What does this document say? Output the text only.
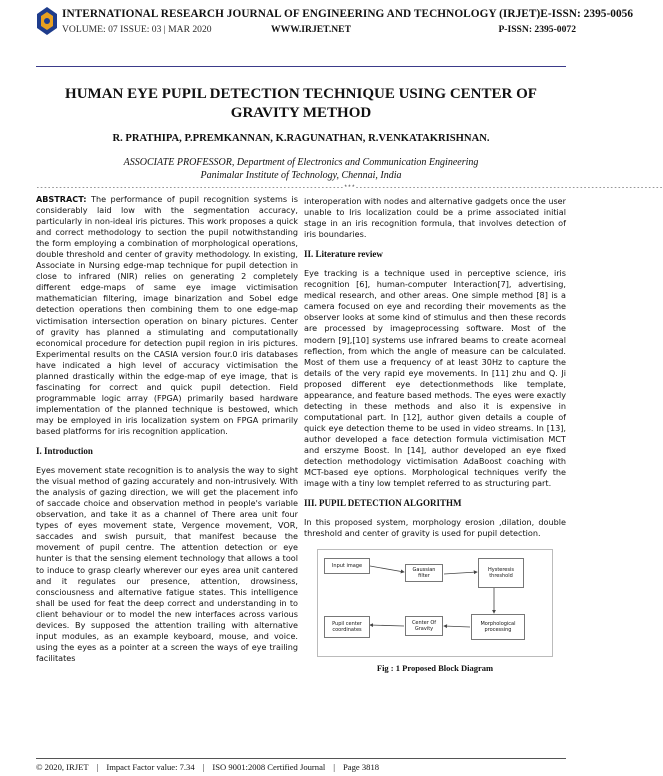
INTERNATIONAL RESEARCH JOURNAL OF ENGINEERING AND TECHNOLOGY (IRJET)E-ISSN: 2395-0056
VOLUME: 07 ISSUE: 03 | MAR 2020	WWW.IRJET.NET	P-ISSN: 2395-0072
HUMAN EYE PUPIL DETECTION TECHNIQUE USING CENTER OF GRAVITY METHOD
R. PRATHIPA, P.PREMKANNAN, K.RAGUNATHAN, R.VENKATAKRISHNAN.
ASSOCIATE PROFESSOR, Department of Electronics and Communication Engineering
Panimalar Institute of Technology, Chennai, India
---------------------------------------------------------------------------------***---------------------------------------------------------------------------------

ABSTRACT: The performance of pupil recognition systems is considerably laid low with the segmentation accuracy, particularly in non-ideal iris pictures. This work proposes a quick and correct methodology to section the pupil notwithstanding the form employing a combination of morphological operations, double threshold and center of gravity methodology. In existing, Associate in Nursing edge-map technique for pupil detection in close to infrared (NIR) relies on generating 2 completely different edge-maps of same eye image victimisation mathematician filtering, image binarization and Sobel edge detection operations then combining them to one edge-map victimisation intersection operation on binary pictures. Center of gravity has planned a stimulating and computationally economical procedure for detection pupil region in iris pictures. Experimental results on the CASIA version four.0 iris databases have indicated a high level of accuracy victimisation the planned drastically within the edge-map of eye image, that is fascinating for correct and quick pupil detection. Field programmable logic array (FPGA) primarily based hardware implementation of the planned technique is bestowed, which may be employed in iris localization system on FPGA primarily based platforms for iris recognition application.

I. Introduction

Eyes movement state recognition is to analysis the way to sight the visual method of gazing accurately and non-intrusively. With the analysis of gazing direction, we will get the placement info of saccade choice and observation method in people's variable observation, and take it as a channel of There area unit four types of eyes movement state, Vergence movement, VOR, saccades and swish pursuit, that manifest because the movement of pupil centre. The attention detection or eye hunter is that the sensing element technology that allows a tool to induce to grasp clearly wherever our eyes area unit cantered and it regulates our presence, attention, drowsiness, consciousness and alternative fatigue states. This intelligence shall be used for feat the deep correct and understanding in to client behaviour or to model the new interfaces across various devices. By supposed the attention trailing with alternative input modules, as an example keyboard, mouse, and voice. using the eyes as a pointer at a screen the ways of eye trailing facilitates

interoperation with nodes and alternative gadgets once the user unable to Iris localization could be a prime associated initial stage in an iris recognition formula, that involves detection of iris boundaries.

II. Literature review

Eye tracking is a technique used in perceptive science, iris recognition [6], human-computer Interaction[7], advertising, medical research, and other areas. One simple method [8] is a camera focused on eye and recording their movements as the observer looks at some kind of stimulus and then these records are processed by imageprocessing software. Most of the modern [9],[10] systems use infrared beams to create acorneal reflection, from which the angle of measure can be calculated. Most of them use a frequency of at least 30Hz to capture the details of the very rapid eye movements. In [11] zhu and Q. Ji proposed different eye detectionmethods like template, appearance, and feature based methods. The eyes were exactly detecting in these methods and also it is expensive in computational part. In [12], author given details a couple of quick eye detection theme to be used in video streams. In [13], author developed a face detection formula victimisation MCT and erszyme Boost. In [14], author developed an eye fixed detection methodology victimisation AdaBoost coaching with MCT-based eye options. Morphological techniques verify the image with a tiny low templet referred to as structuring part.

III. PUPIL DETECTION ALGORITHM

In this proposed system, morphology erosion ,dilation, double threshold and center of gravity is used for pupil detection.

Input image
Gaussian filter
Hysteresis threshold
Pupil center coordinates
Center Of Gravity
Morphological processing
Fig : 1 Proposed Block Diagram
© 2020, IRJET | Impact Factor value: 7.34 | ISO 9001:2008 Certified Journal | Page 3818
